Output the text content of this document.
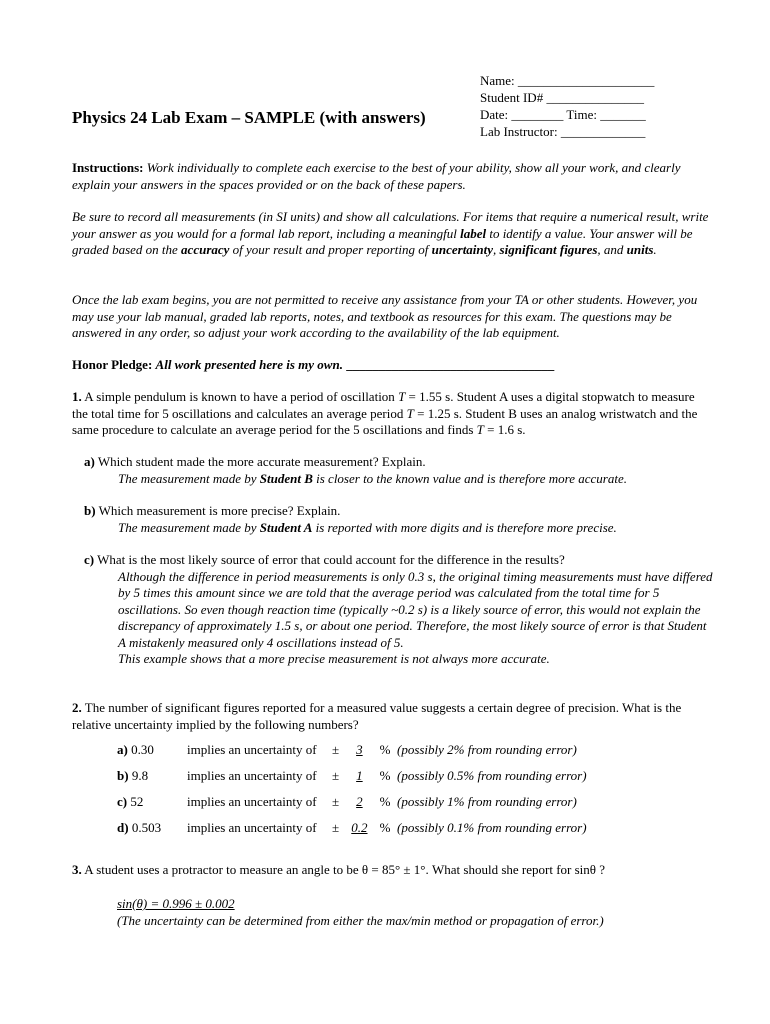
Name: _____________________
Student ID# _______________
Date: ________ Time: _______
Lab Instructor: _____________
Physics 24 Lab Exam – SAMPLE (with answers)
Instructions: Work individually to complete each exercise to the best of your ability, show all your work, and clearly explain your answers in the spaces provided or on the back of these papers.
Be sure to record all measurements (in SI units) and show all calculations. For items that require a numerical result, write your answer as you would for a formal lab report, including a meaningful label to identify a value. Your answer will be graded based on the accuracy of your result and proper reporting of uncertainty, significant figures, and units.
Once the lab exam begins, you are not permitted to receive any assistance from your TA or other students. However, you may use your lab manual, graded lab reports, notes, and textbook as resources for this exam. The questions may be answered in any order, so adjust your work according to the availability of the lab equipment.
Honor Pledge: All work presented here is my own. ________________________________
1. A simple pendulum is known to have a period of oscillation T = 1.55 s. Student A uses a digital stopwatch to measure the total time for 5 oscillations and calculates an average period T = 1.25 s. Student B uses an analog wristwatch and the same procedure to calculate an average period for the 5 oscillations and finds T = 1.6 s.
a) Which student made the more accurate measurement? Explain.
The measurement made by Student B is closer to the known value and is therefore more accurate.
b) Which measurement is more precise? Explain.
The measurement made by Student A is reported with more digits and is therefore more precise.
c) What is the most likely source of error that could account for the difference in the results?
Although the difference in period measurements is only 0.3 s, the original timing measurements must have differed by 5 times this amount since we are told that the average period was calculated from the total time for 5 oscillations. So even though reaction time (typically ~0.2 s) is a likely source of error, this would not explain the discrepancy of approximately 1.5 s, or about one period. Therefore, the most likely source of error is that Student A mistakenly measured only 4 oscillations instead of 5.
This example shows that a more precise measurement is not always more accurate.
2. The number of significant figures reported for a measured value suggests a certain degree of precision. What is the relative uncertainty implied by the following numbers?
a) 0.30	implies an uncertainty of ± 3 % (possibly 2% from rounding error)
b) 9.8	implies an uncertainty of ± 1 % (possibly 0.5% from rounding error)
c) 52	implies an uncertainty of ± 2 % (possibly 1% from rounding error)
d) 0.503 implies an uncertainty of ± 0.2 % (possibly 0.1% from rounding error)
3. A student uses a protractor to measure an angle to be θ = 85° ± 1°. What should she report for sinθ ?
sin(θ) = 0.996 ± 0.002
(The uncertainty can be determined from either the max/min method or propagation of error.)
